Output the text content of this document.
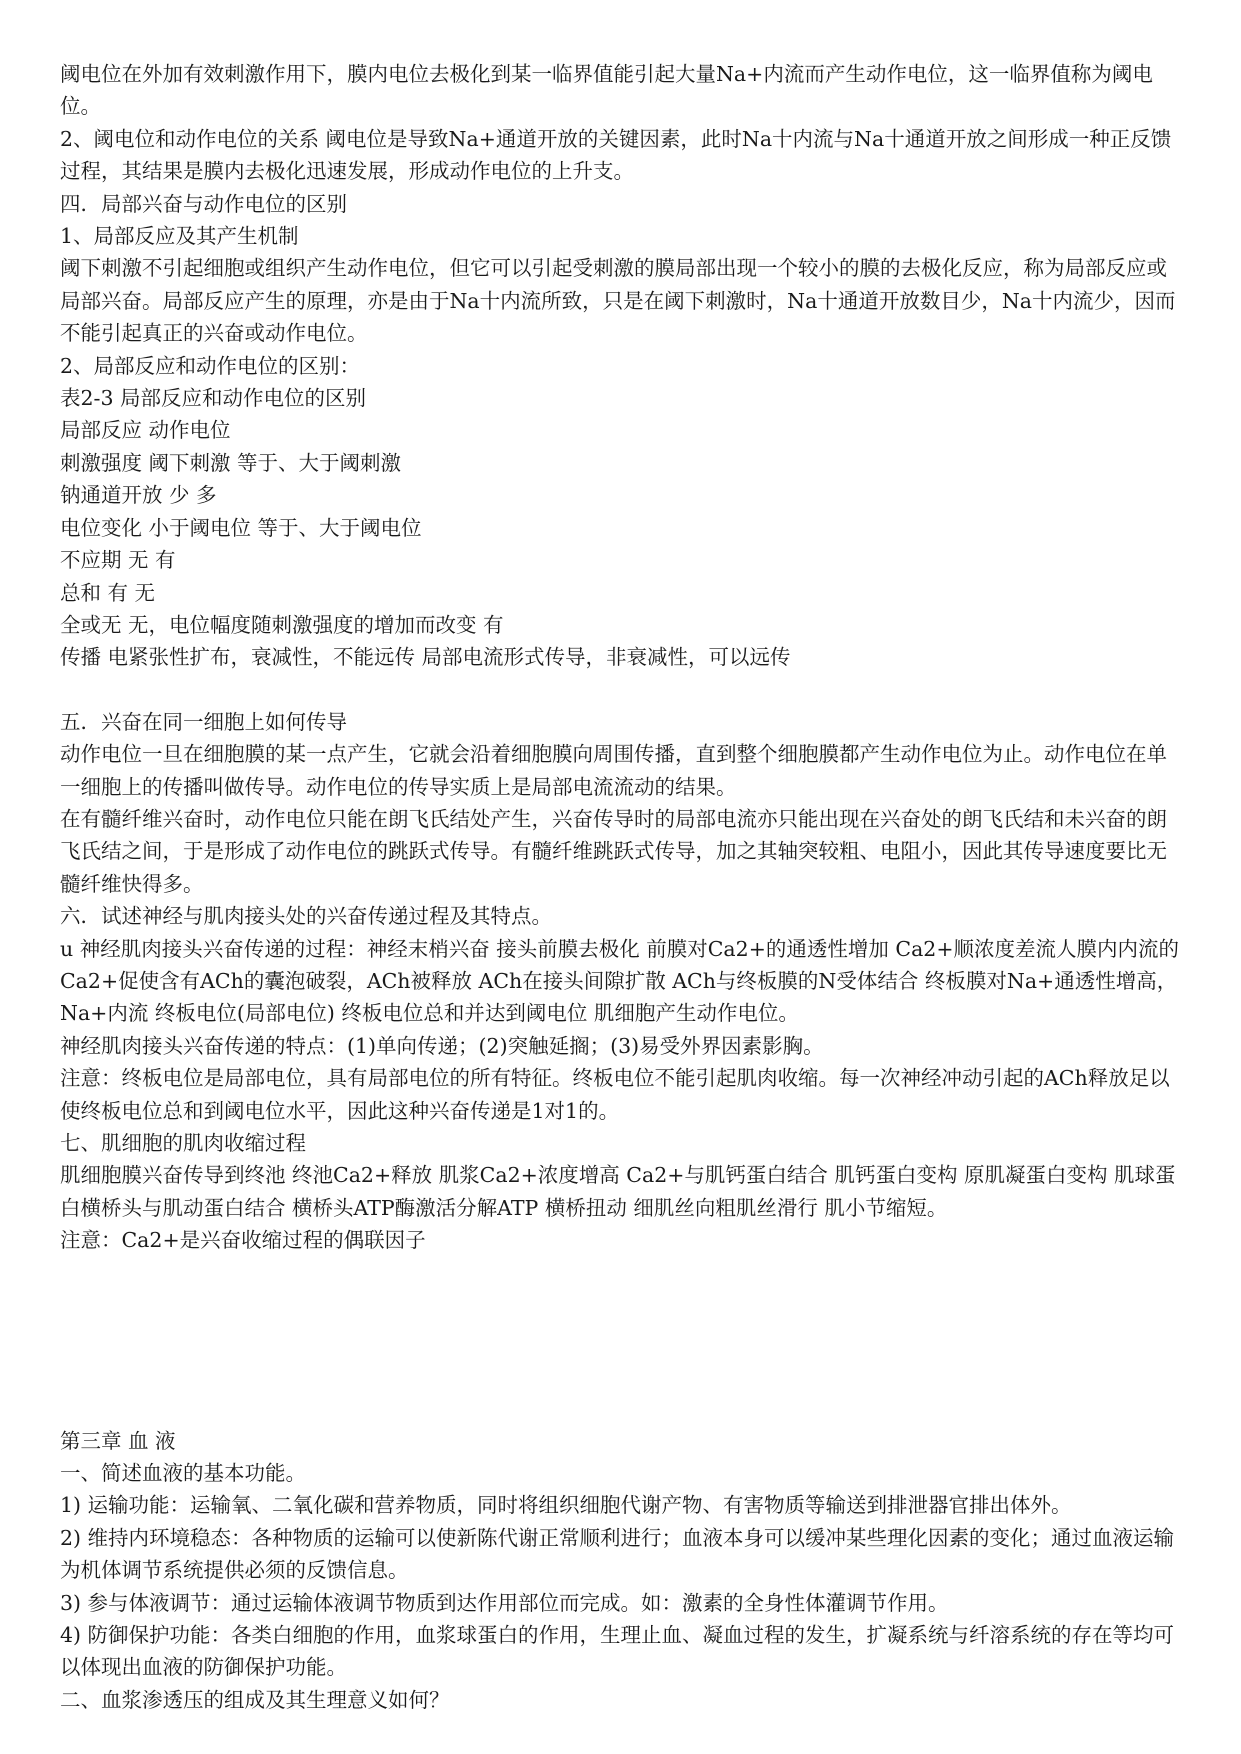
阈电位在外加有效刺激作用下，膜内电位去极化到某一临界值能引起大量Na+内流而产生动作电位，这一临界值称为阈电位。

2、阈电位和动作电位的关系 阈电位是导致Na+通道开放的关键因素，此时Na十内流与Na十通道开放之间形成一种正反馈过程，其结果是膜内去极化迅速发展，形成动作电位的上升支。

四．局部兴奋与动作电位的区别

1、局部反应及其产生机制

阈下刺激不引起细胞或组织产生动作电位，但它可以引起受刺激的膜局部出现一个较小的膜的去极化反应，称为局部反应或局部兴奋。局部反应产生的原理，亦是由于Na十内流所致，只是在阈下刺激时，Na十通道开放数目少，Na十内流少，因而不能引起真正的兴奋或动作电位。

2、局部反应和动作电位的区别：

表2-3 局部反应和动作电位的区别

局部反应 动作电位

刺激强度 阈下刺激 等于、大于阈刺激

钠通道开放 少 多

电位变化 小于阈电位 等于、大于阈电位

不应期 无 有

总和 有 无

全或无 无，电位幅度随刺激强度的增加而改变 有

传播 电紧张性扩布，衰减性，不能远传 局部电流形式传导，非衰减性，可以远传

五．兴奋在同一细胞上如何传导

动作电位一旦在细胞膜的某一点产生，它就会沿着细胞膜向周围传播，直到整个细胞膜都产生动作电位为止。动作电位在单一细胞上的传播叫做传导。动作电位的传导实质上是局部电流流动的结果。

在有髓纤维兴奋时，动作电位只能在朗飞氏结处产生，兴奋传导时的局部电流亦只能出现在兴奋处的朗飞氏结和未兴奋的朗飞氏结之间，于是形成了动作电位的跳跃式传导。有髓纤维跳跃式传导，加之其轴突较粗、电阻小，因此其传导速度要比无髓纤维快得多。

六．试述神经与肌肉接头处的兴奋传递过程及其特点。

u 神经肌肉接头兴奋传递的过程：神经末梢兴奋 接头前膜去极化 前膜对Ca2+的通透性增加 Ca2+顺浓度差流人膜内内流的Ca2+促使含有ACh的囊泡破裂，ACh被释放 ACh在接头间隙扩散 ACh与终板膜的N受体结合 终板膜对Na+通透性增高，Na+内流 终板电位(局部电位) 终板电位总和并达到阈电位 肌细胞产生动作电位。

神经肌肉接头兴奋传递的特点：(1)单向传递；(2)突触延搁；(3)易受外界因素影胸。

注意：终板电位是局部电位，具有局部电位的所有特征。终板电位不能引起肌肉收缩。每一次神经冲动引起的ACh释放足以使终板电位总和到阈电位水平，因此这种兴奋传递是1对1的。

七、肌细胞的肌肉收缩过程

肌细胞膜兴奋传导到终池 终池Ca2+释放 肌浆Ca2+浓度增高 Ca2+与肌钙蛋白结合 肌钙蛋白变构 原肌凝蛋白变构 肌球蛋白横桥头与肌动蛋白结合 横桥头ATP酶激活分解ATP 横桥扭动 细肌丝向粗肌丝滑行 肌小节缩短。

注意：Ca2+是兴奋收缩过程的偶联因子

第三章 血 液

一、简述血液的基本功能。

1) 运输功能：运输氧、二氧化碳和营养物质，同时将组织细胞代谢产物、有害物质等输送到排泄器官排出体外。

2) 维持内环境稳态：各种物质的运输可以使新陈代谢正常顺利进行；血液本身可以缓冲某些理化因素的变化；通过血液运输为机体调节系统提供必须的反馈信息。

3) 参与体液调节：通过运输体液调节物质到达作用部位而完成。如：激素的全身性体灌调节作用。

4) 防御保护功能：各类白细胞的作用，血浆球蛋白的作用，生理止血、凝血过程的发生，扩凝系统与纤溶系统的存在等均可以体现出血液的防御保护功能。

二、血浆渗透压的组成及其生理意义如何？
